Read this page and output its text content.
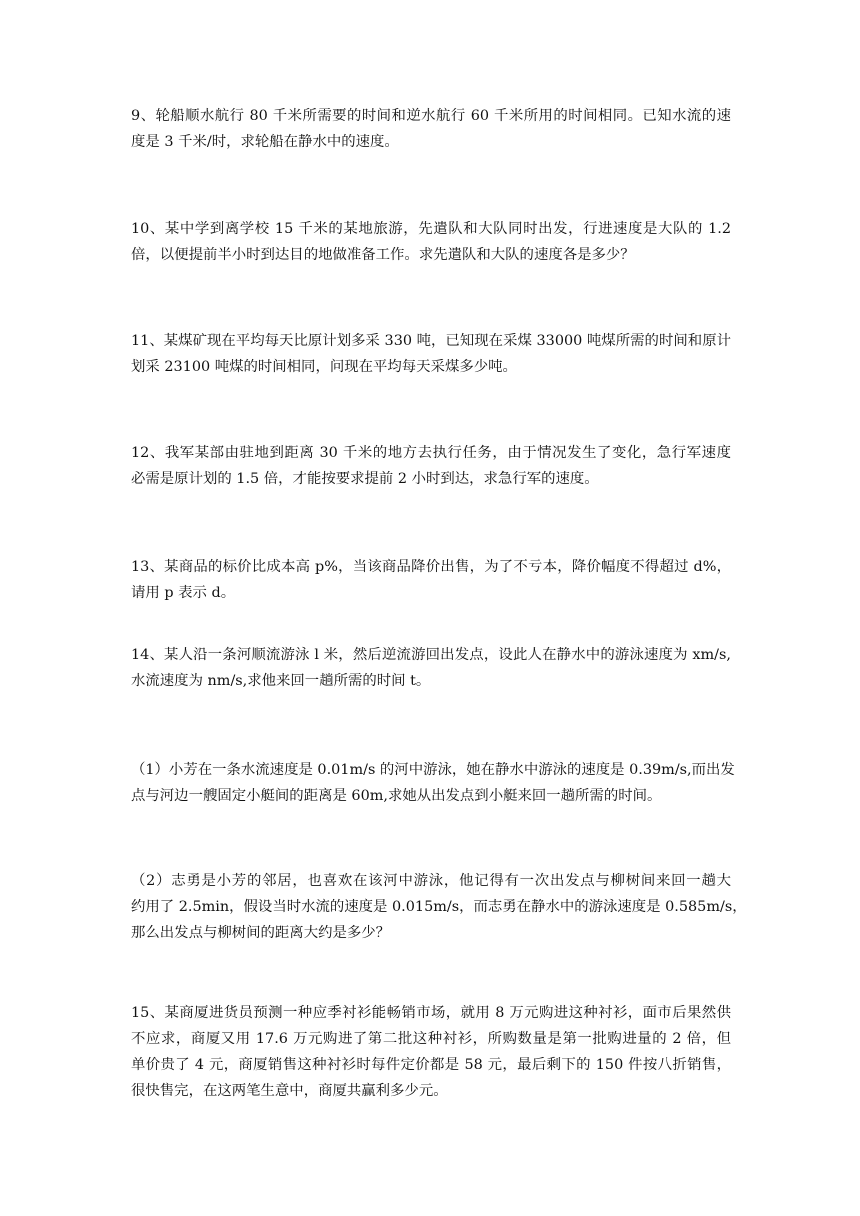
9、轮船顺水航行 80 千米所需要的时间和逆水航行 60 千米所用的时间相同。已知水流的速
度是 3 千米/时，求轮船在静水中的速度。

10、某中学到离学校 15 千米的某地旅游，先遣队和大队同时出发，行进速度是大队的 1.2
倍，以便提前半小时到达目的地做准备工作。求先遣队和大队的速度各是多少？

11、某煤矿现在平均每天比原计划多采 330 吨，已知现在采煤 33000 吨煤所需的时间和原计
划采 23100 吨煤的时间相同，问现在平均每天采煤多少吨。

12、我军某部由驻地到距离 30 千米的地方去执行任务，由于情况发生了变化，急行军速度
必需是原计划的 1.5 倍，才能按要求提前 2 小时到达，求急行军的速度。

13、某商品的标价比成本高 p%，当该商品降价出售，为了不亏本，降价幅度不得超过 d%，
请用 p 表示 d。

14、某人沿一条河顺流游泳 l 米，然后逆流游回出发点，设此人在静水中的游泳速度为 xm/s,
水流速度为 nm/s,求他来回一趟所需的时间 t。

（1）小芳在一条水流速度是 0.01m/s 的河中游泳，她在静水中游泳的速度是 0.39m/s,而出发
点与河边一艘固定小艇间的距离是 60m,求她从出发点到小艇来回一趟所需的时间。

（2）志勇是小芳的邻居，也喜欢在该河中游泳，他记得有一次出发点与柳树间来回一趟大
约用了 2.5min，假设当时水流的速度是 0.015m/s，而志勇在静水中的游泳速度是 0.585m/s，
那么出发点与柳树间的距离大约是多少？

15、某商厦进货员预测一种应季衬衫能畅销市场，就用 8 万元购进这种衬衫，面市后果然供
不应求，商厦又用 17.6 万元购进了第二批这种衬衫，所购数量是第一批购进量的 2 倍，但
单价贵了 4 元，商厦销售这种衬衫时每件定价都是 58 元，最后剩下的 150 件按八折销售，
很快售完，在这两笔生意中，商厦共赢利多少元。
